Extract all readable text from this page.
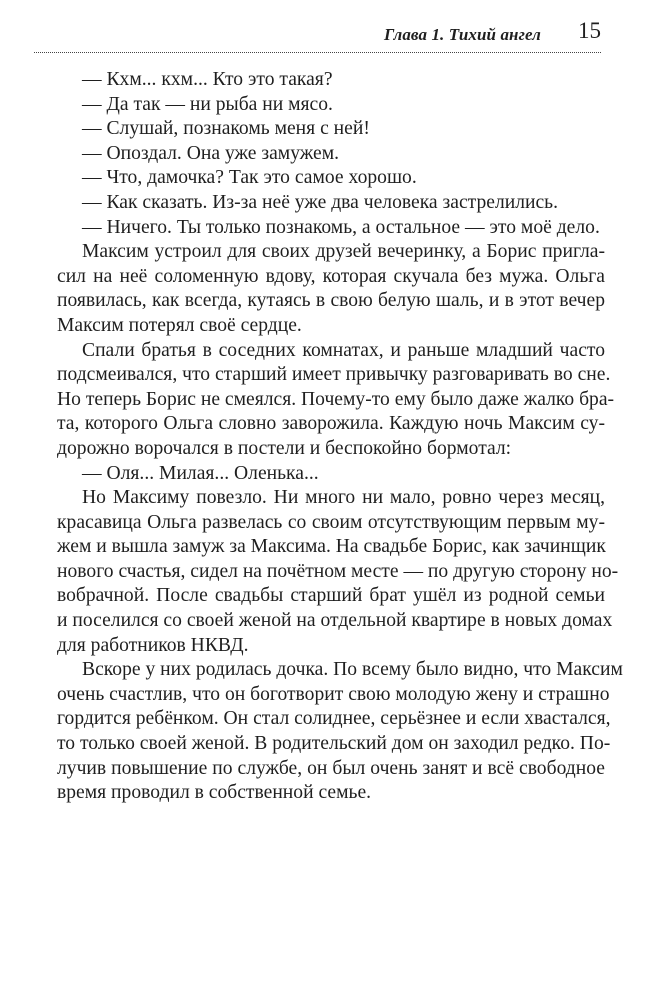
Глава 1. Тихий ангел 15
— Кхм... кхм... Кто это такая?
— Да так — ни рыба ни мясо.
— Слушай, познакомь меня с ней!
— Опоздал. Она уже замужем.
— Что, дамочка? Так это самое хорошо.
— Как сказать. Из-за неё уже два человека застрелились.
— Ничего. Ты только познакомь, а остальное — это моё дело.
Максим устроил для своих друзей вечеринку, а Борис пригла-
сил на неё соломенную вдову, которая скучала без мужа. Ольга
появилась, как всегда, кутаясь в свою белую шаль, и в этот вечер
Максим потерял своё сердце.
Спали братья в соседних комнатах, и раньше младший часто
подсмеивался, что старший имеет привычку разговаривать во сне.
Но теперь Борис не смеялся. Почему-то ему было даже жалко бра-
та, которого Ольга словно заворожила. Каждую ночь Максим су-
дорожно ворочался в постели и беспокойно бормотал:
— Оля... Милая... Оленька...
Но Максиму повезло. Ни много ни мало, ровно через месяц,
красавица Ольга развелась со своим отсутствующим первым му-
жем и вышла замуж за Максима. На свадьбе Борис, как зачинщик
нового счастья, сидел на почётном месте — по другую сторону но-
вобрачной. После свадьбы старший брат ушёл из родной семьи
и поселился со своей женой на отдельной квартире в новых домах
для работников НКВД.
Вскоре у них родилась дочка. По всему было видно, что Максим
очень счастлив, что он боготворит свою молодую жену и страшно
гордится ребёнком. Он стал солиднее, серьёзнее и если хвастался,
то только своей женой. В родительский дом он заходил редко. По-
лучив повышение по службе, он был очень занят и всё свободное
время проводил в собственной семье.
